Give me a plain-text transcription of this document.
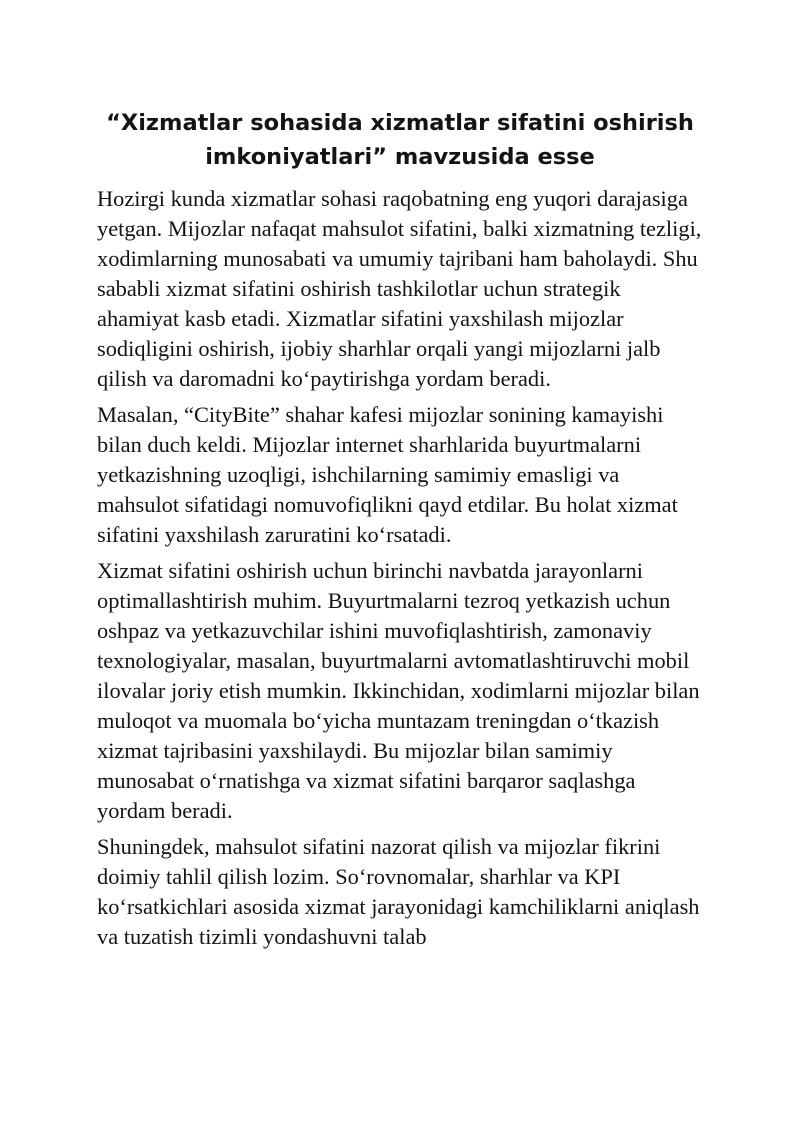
“Xizmatlar sohasida xizmatlar sifatini oshirish
imkoniyatlari” mavzusida esse

Hozirgi kunda xizmatlar sohasi raqobatning eng yuqori darajasiga yetgan. Mijozlar nafaqat mahsulot sifatini, balki xizmatning tezligi, xodimlarning munosabati va umumiy tajribani ham baholaydi. Shu sababli xizmat sifatini oshirish tashkilotlar uchun strategik ahamiyat kasb etadi. Xizmatlar sifatini yaxshilash mijozlar sodiqligini oshirish, ijobiy sharhlar orqali yangi mijozlarni jalb qilish va daromadni ko‘paytirishga yordam beradi.

Masalan, “CityBite” shahar kafesi mijozlar sonining kamayishi bilan duch keldi. Mijozlar internet sharhlarida buyurtmalarni yetkazishning uzoqligi, ishchilarning samimiy emasligi va mahsulot sifatidagi nomuvofiqlikni qayd etdilar. Bu holat xizmat sifatini yaxshilash zaruratini ko‘rsatadi.

Xizmat sifatini oshirish uchun birinchi navbatda jarayonlarni optimallashtirish muhim. Buyurtmalarni tezroq yetkazish uchun oshpaz va yetkazuvchilar ishini muvofiqlashtirish, zamonaviy texnologiyalar, masalan, buyurtmalarni avtomatlashtiruvchi mobil ilovalar joriy etish mumkin. Ikkinchidan, xodimlarni mijozlar bilan muloqot va muomala bo‘yicha muntazam treningdan o‘tkazish xizmat tajribasini yaxshilaydi. Bu mijozlar bilan samimiy munosabat o‘rnatishga va xizmat sifatini barqaror saqlashga yordam beradi.

Shuningdek, mahsulot sifatini nazorat qilish va mijozlar fikrini doimiy tahlil qilish lozim. So‘rovnomalar, sharhlar va KPI ko‘rsatkichlari asosida xizmat jarayonidagi kamchiliklarni aniqlash va tuzatish tizimli yondashuvni talab
